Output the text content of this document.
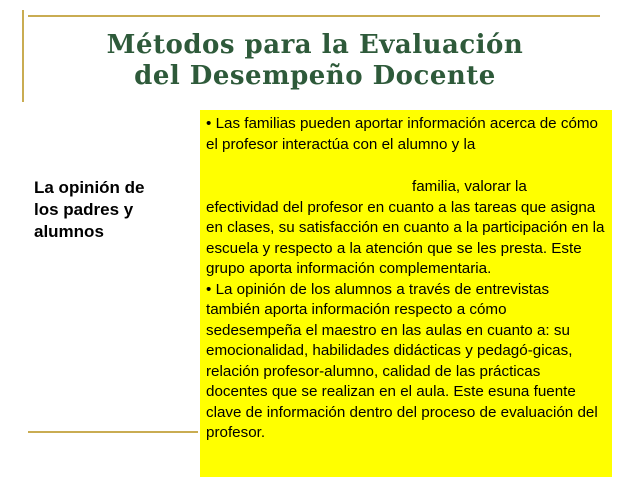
Métodos para la Evaluación
del Desempeño Docente
La opinión de
los padres y
alumnos

• Las familias pueden aportar información acerca de cómo el profesor interactúa con el alumno y la
familia, valorar la
efectividad del profesor en cuanto a las tareas que asigna en clases, su satisfacción en cuanto a la participación en la escuela y respecto a la atención que se les presta. Este grupo aporta información complementaria.

• La opinión de los alumnos a través de entrevistas también aporta información respecto a cómo sedesempeña el maestro en las aulas en cuanto a: su emocionalidad, habilidades didácticas y pedagó-gicas, relación profesor-alumno, calidad de las prácticas docentes que se realizan en el aula. Este esuna fuente clave de información dentro del proceso de evaluación del profesor.
